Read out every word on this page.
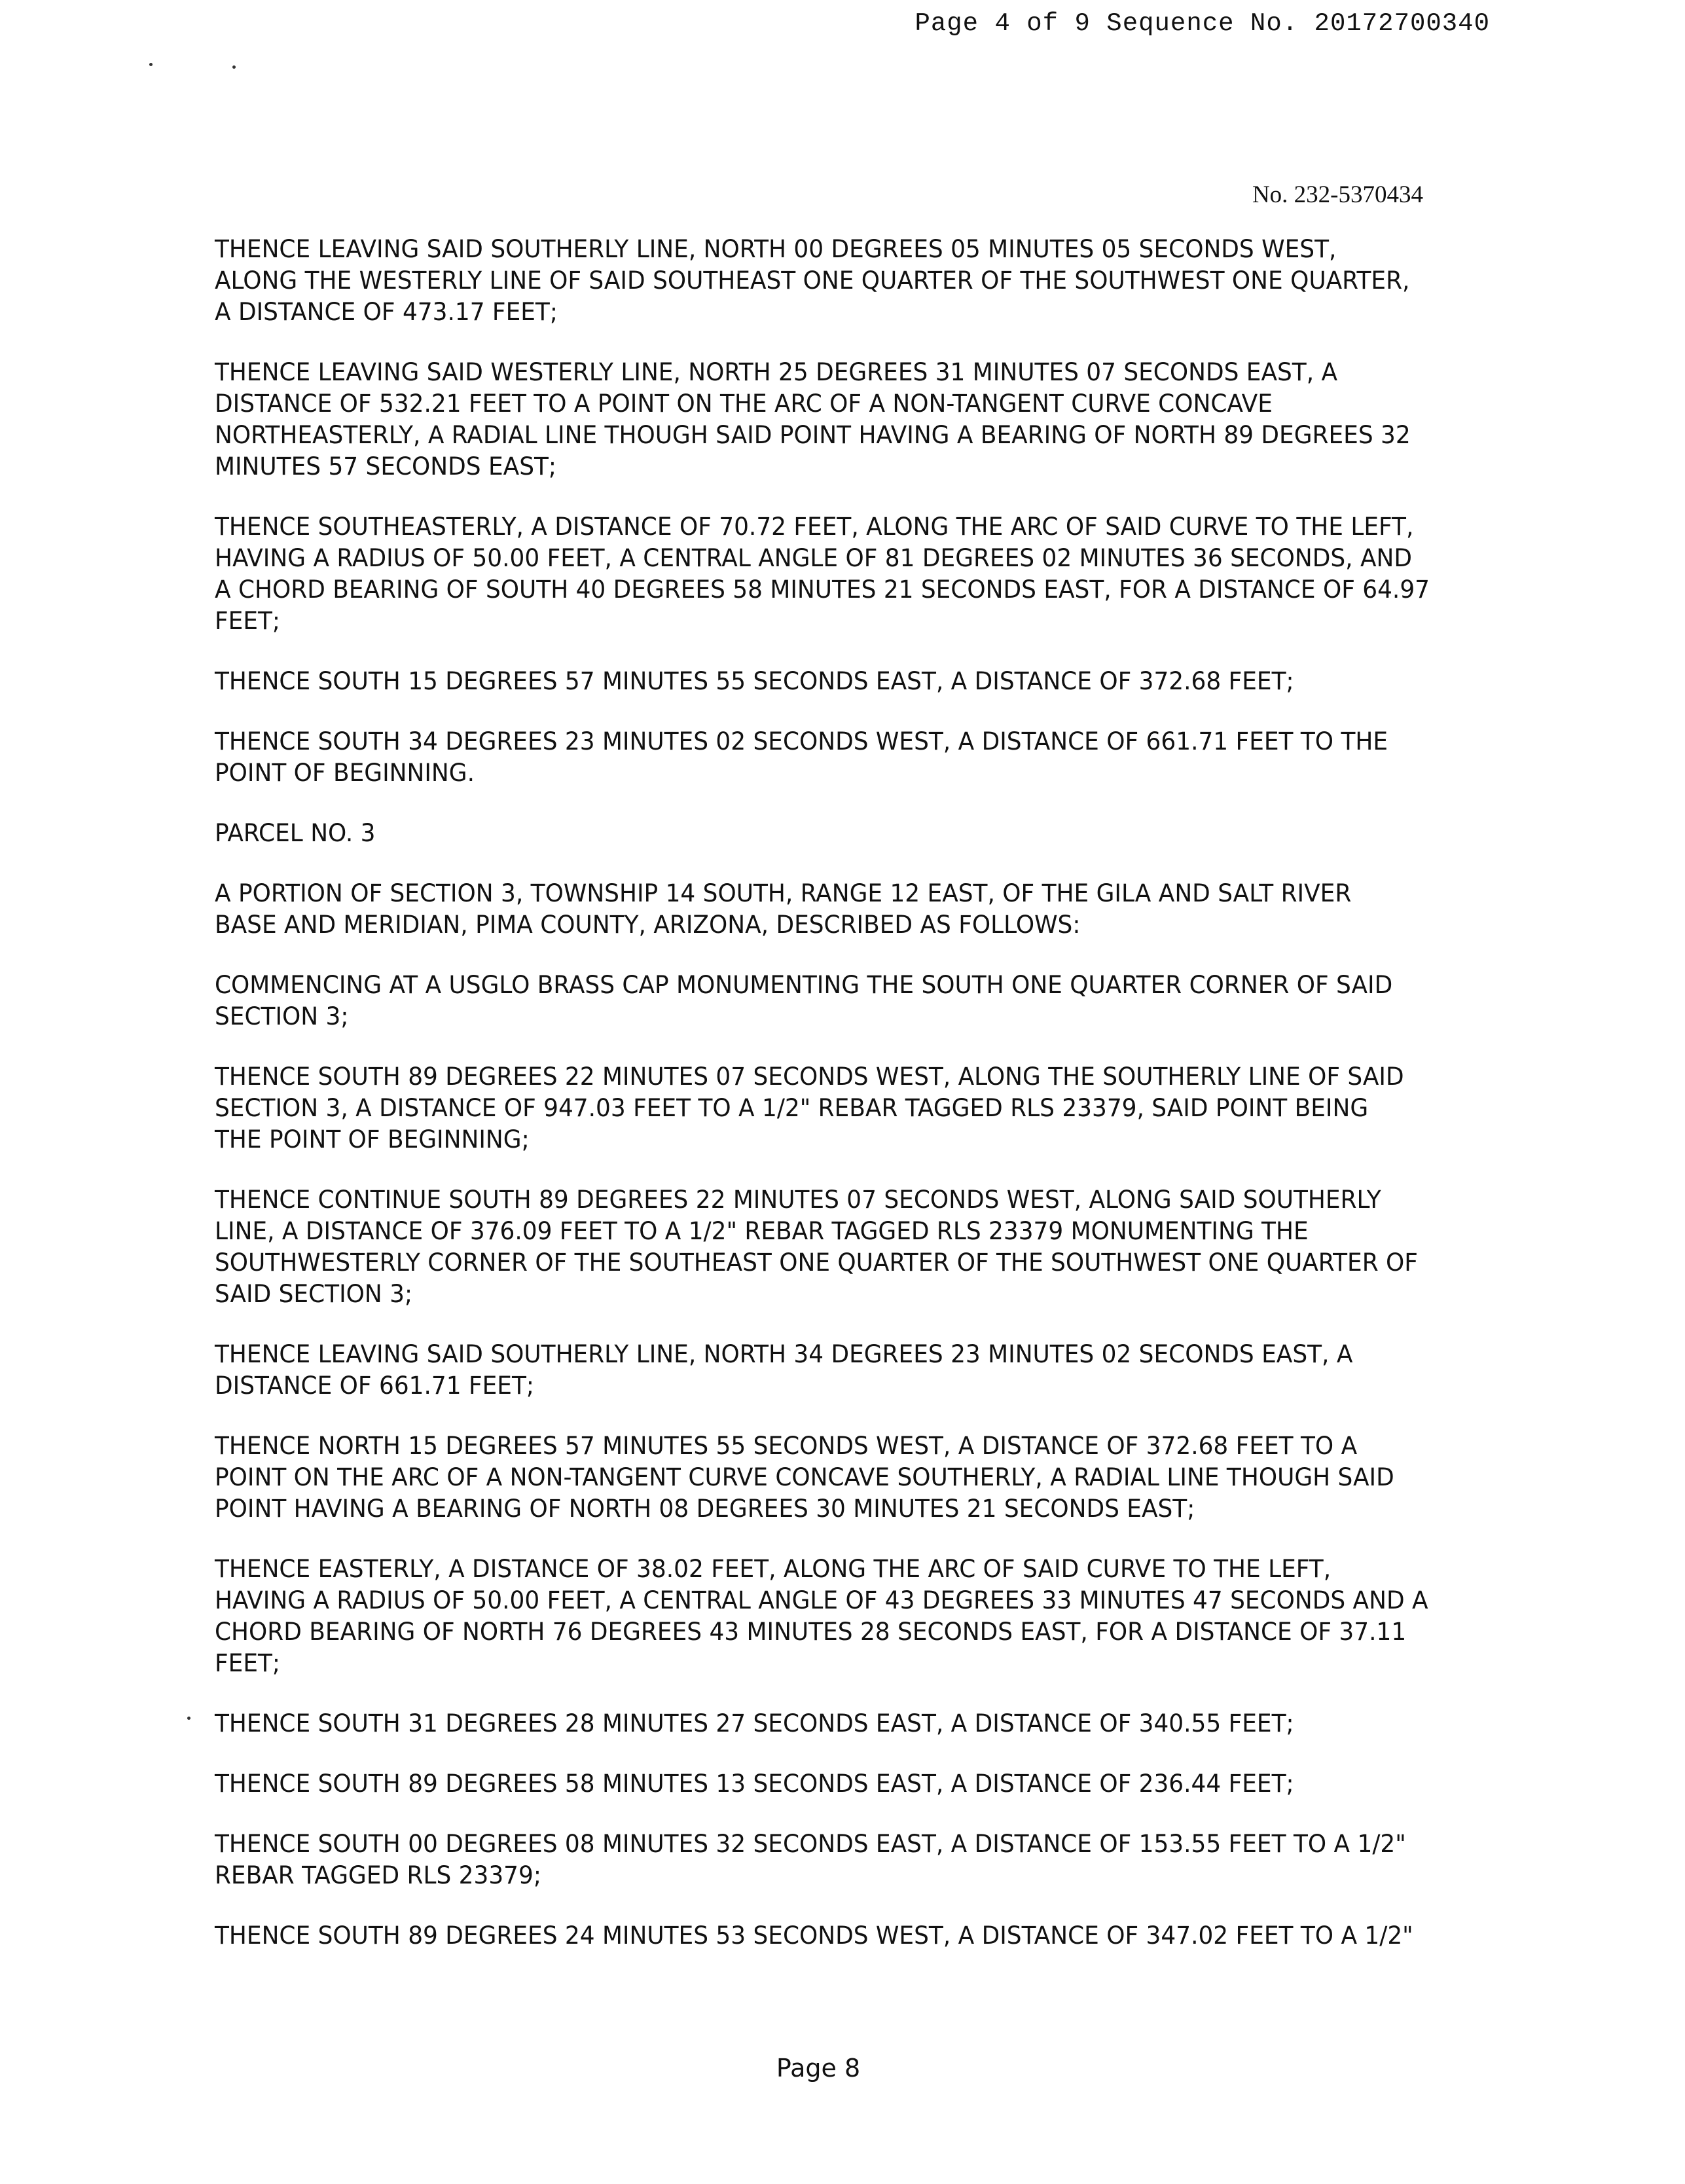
Page 4 of 9 Sequence No. 20172700340
No. 232-5370434
THENCE LEAVING SAID SOUTHERLY LINE, NORTH 00 DEGREES 05 MINUTES 05 SECONDS WEST,
ALONG THE WESTERLY LINE OF SAID SOUTHEAST ONE QUARTER OF THE SOUTHWEST ONE QUARTER,
A DISTANCE OF 473.17 FEET;
THENCE LEAVING SAID WESTERLY LINE, NORTH 25 DEGREES 31 MINUTES 07 SECONDS EAST, A
DISTANCE OF 532.21 FEET TO A POINT ON THE ARC OF A NON-TANGENT CURVE CONCAVE
NORTHEASTERLY, A RADIAL LINE THOUGH SAID POINT HAVING A BEARING OF NORTH 89 DEGREES 32
MINUTES 57 SECONDS EAST;
THENCE SOUTHEASTERLY, A DISTANCE OF 70.72 FEET, ALONG THE ARC OF SAID CURVE TO THE LEFT,
HAVING A RADIUS OF 50.00 FEET, A CENTRAL ANGLE OF 81 DEGREES 02 MINUTES 36 SECONDS, AND
A CHORD BEARING OF SOUTH 40 DEGREES 58 MINUTES 21 SECONDS EAST, FOR A DISTANCE OF 64.97
FEET;
THENCE SOUTH 15 DEGREES 57 MINUTES 55 SECONDS EAST, A DISTANCE OF 372.68 FEET;
THENCE SOUTH 34 DEGREES 23 MINUTES 02 SECONDS WEST, A DISTANCE OF 661.71 FEET TO THE
POINT OF BEGINNING.
PARCEL NO. 3
A PORTION OF SECTION 3, TOWNSHIP 14 SOUTH, RANGE 12 EAST, OF THE GILA AND SALT RIVER
BASE AND MERIDIAN, PIMA COUNTY, ARIZONA, DESCRIBED AS FOLLOWS:
COMMENCING AT A USGLO BRASS CAP MONUMENTING THE SOUTH ONE QUARTER CORNER OF SAID
SECTION 3;
THENCE SOUTH 89 DEGREES 22 MINUTES 07 SECONDS WEST, ALONG THE SOUTHERLY LINE OF SAID
SECTION 3, A DISTANCE OF 947.03 FEET TO A 1/2" REBAR TAGGED RLS 23379, SAID POINT BEING
THE POINT OF BEGINNING;
THENCE CONTINUE SOUTH 89 DEGREES 22 MINUTES 07 SECONDS WEST, ALONG SAID SOUTHERLY
LINE, A DISTANCE OF 376.09 FEET TO A 1/2" REBAR TAGGED RLS 23379 MONUMENTING THE
SOUTHWESTERLY CORNER OF THE SOUTHEAST ONE QUARTER OF THE SOUTHWEST ONE QUARTER OF
SAID SECTION 3;
THENCE LEAVING SAID SOUTHERLY LINE, NORTH 34 DEGREES 23 MINUTES 02 SECONDS EAST, A
DISTANCE OF 661.71 FEET;
THENCE NORTH 15 DEGREES 57 MINUTES 55 SECONDS WEST, A DISTANCE OF 372.68 FEET TO A
POINT ON THE ARC OF A NON-TANGENT CURVE CONCAVE SOUTHERLY, A RADIAL LINE THOUGH SAID
POINT HAVING A BEARING OF NORTH 08 DEGREES 30 MINUTES 21 SECONDS EAST;
THENCE EASTERLY, A DISTANCE OF 38.02 FEET, ALONG THE ARC OF SAID CURVE TO THE LEFT,
HAVING A RADIUS OF 50.00 FEET, A CENTRAL ANGLE OF 43 DEGREES 33 MINUTES 47 SECONDS AND A
CHORD BEARING OF NORTH 76 DEGREES 43 MINUTES 28 SECONDS EAST, FOR A DISTANCE OF 37.11
FEET;
THENCE SOUTH 31 DEGREES 28 MINUTES 27 SECONDS EAST, A DISTANCE OF 340.55 FEET;
THENCE SOUTH 89 DEGREES 58 MINUTES 13 SECONDS EAST, A DISTANCE OF 236.44 FEET;
THENCE SOUTH 00 DEGREES 08 MINUTES 32 SECONDS EAST, A DISTANCE OF 153.55 FEET TO A 1/2"
REBAR TAGGED RLS 23379;
THENCE SOUTH 89 DEGREES 24 MINUTES 53 SECONDS WEST, A DISTANCE OF 347.02 FEET TO A 1/2"
Page 8
